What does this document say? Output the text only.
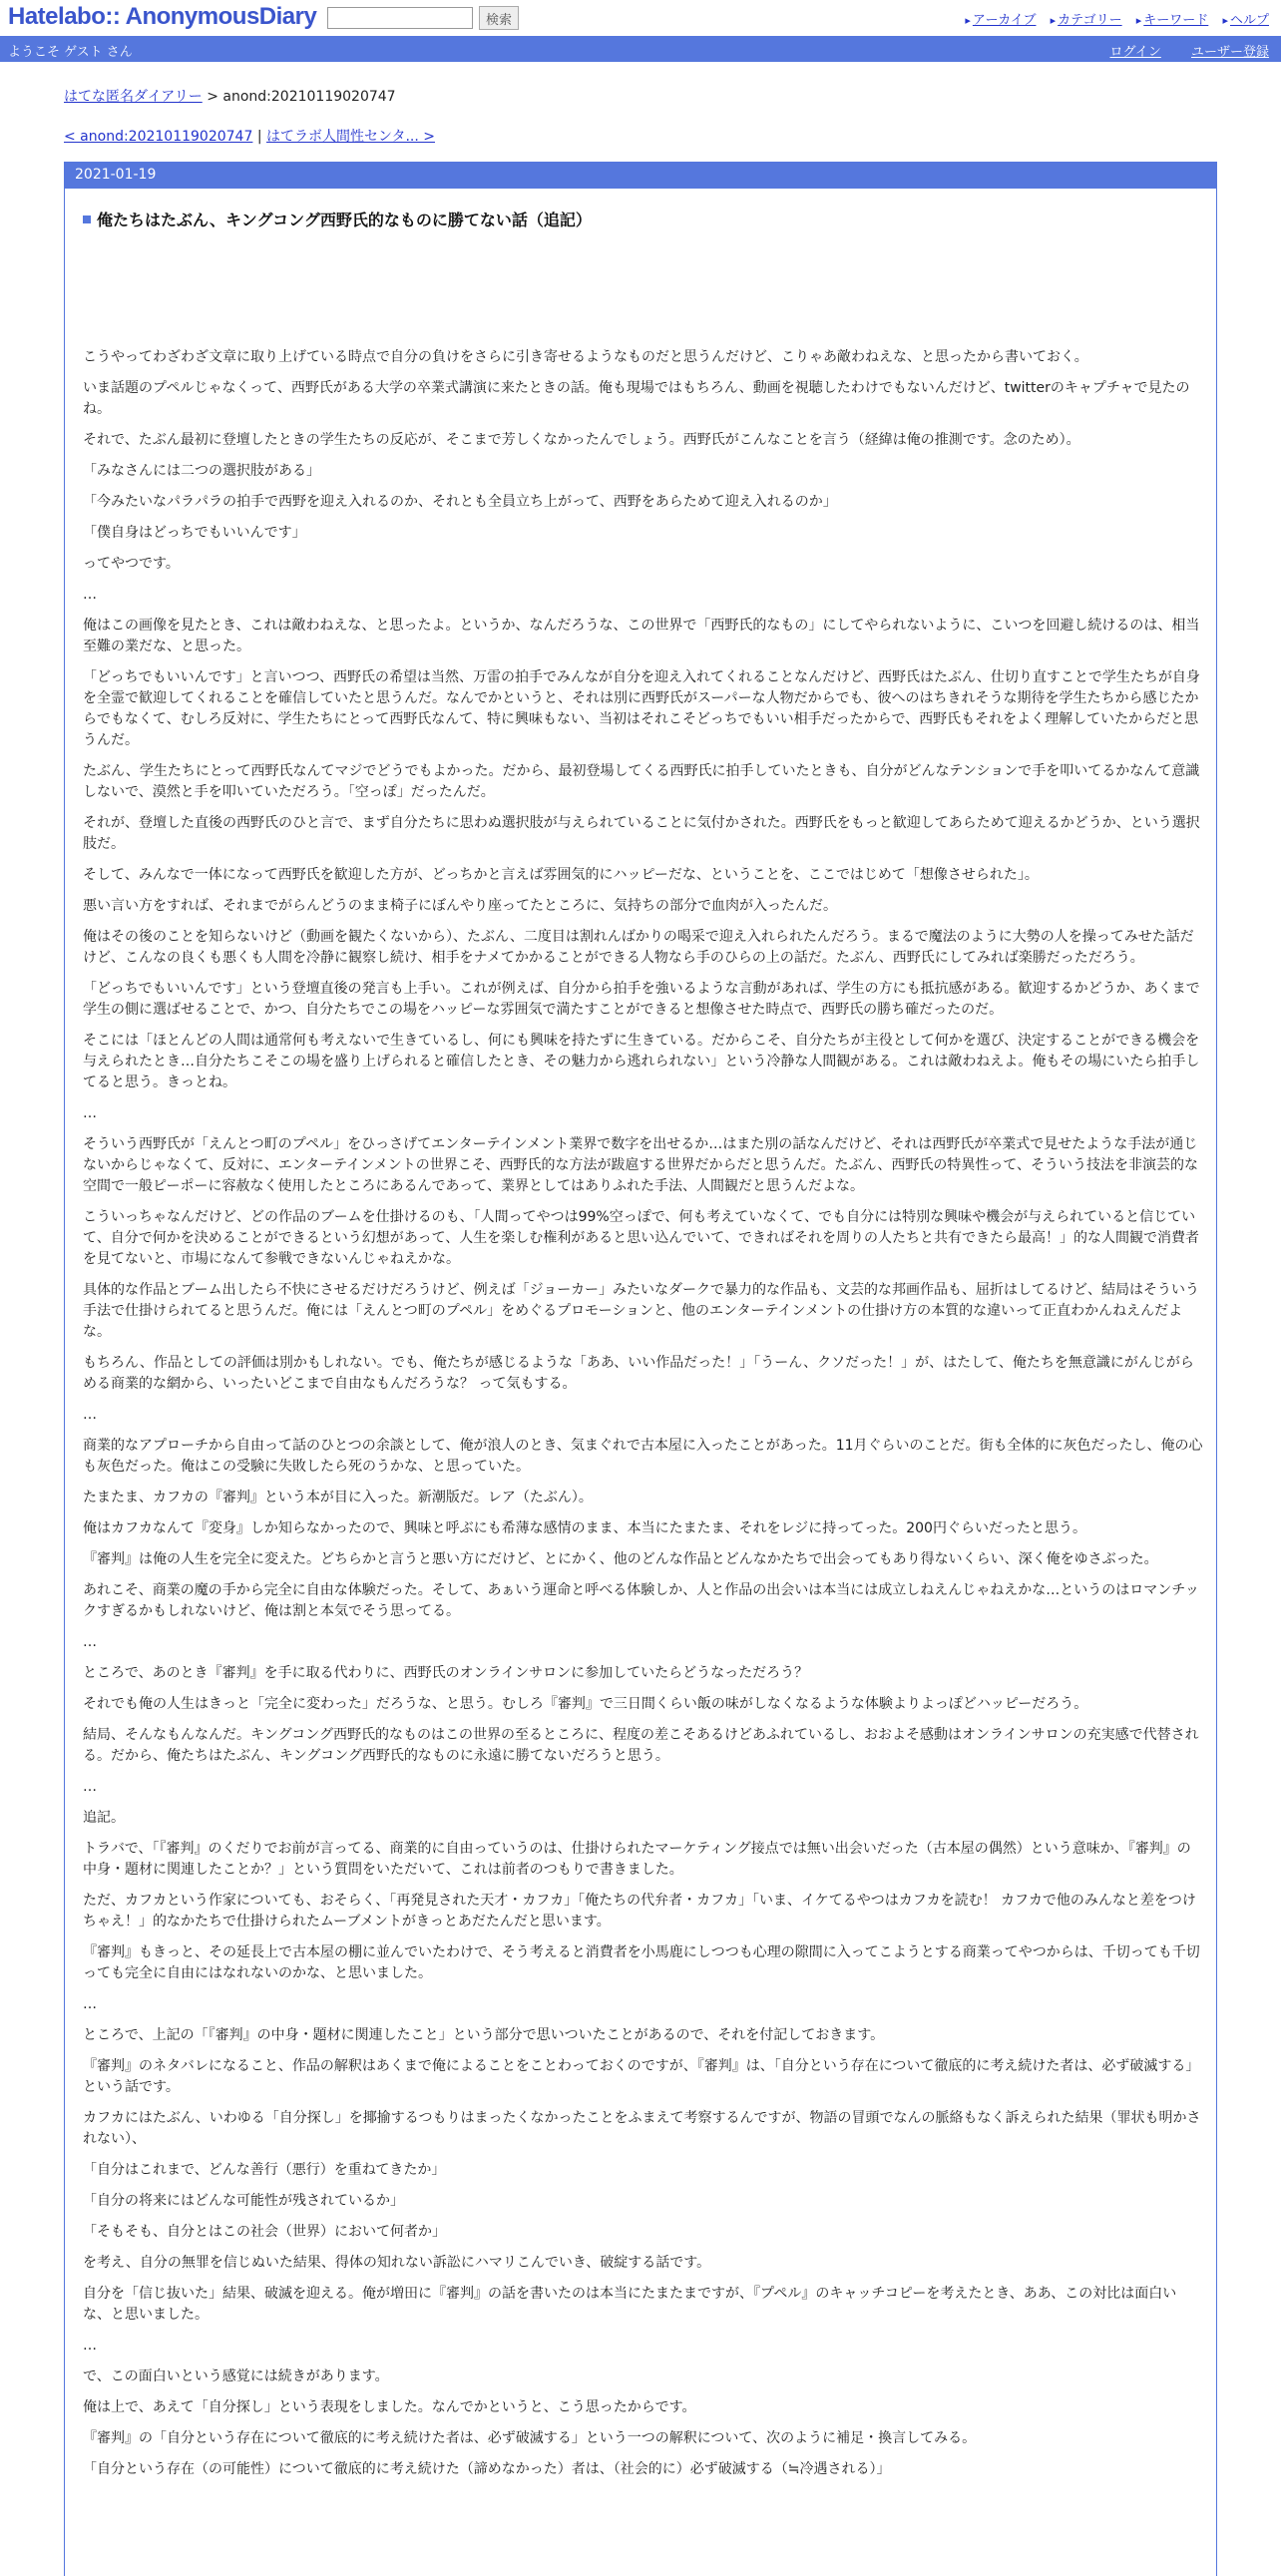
Hatelabo:: AnonymousDiary	検索	▸ アーカイブ ▸ カテゴリー ▸ キーワード ▸ ヘルプ
ようこそ ゲスト さん	ログイン ユーザー登録
はてな匿名ダイアリー > anond:20210119020747
< anond:20210119020747 | はてラボ人間性センタ... >
2021-01-19
俺たちはたぶん、キングコング西野氏的なものに勝てない話（追記）

こうやってわざわざ文章に取り上げている時点で自分の負けをさらに引き寄せるようなものだと思うんだけど、こりゃあ敵わねえな、と思ったから書いておく。

いま話題のプペルじゃなくって、西野氏がある大学の卒業式講演に来たときの話。俺も現場ではもちろん、動画を視聴したわけでもないんだけど、twitterのキャプチャで見たのね。

それで、たぶん最初に登壇したときの学生たちの反応が、そこまで芳しくなかったんでしょう。西野氏がこんなことを言う（経緯は俺の推測です。念のため）。

「みなさんには二つの選択肢がある」

「今みたいなパラパラの拍手で西野を迎え入れるのか、それとも全員立ち上がって、西野をあらためて迎え入れるのか」

「僕自身はどっちでもいいんです」

ってやつです。

…

俺はこの画像を見たとき、これは敵わねえな、と思ったよ。というか、なんだろうな、この世界で「西野氏的なもの」にしてやられないように、こいつを回避し続けるのは、相当至難の業だな、と思った。

「どっちでもいいんです」と言いつつ、西野氏の希望は当然、万雷の拍手でみんなが自分を迎え入れてくれることなんだけど、西野氏はたぶん、仕切り直すことで学生たちが自身を全霊で歓迎してくれることを確信していたと思うんだ。なんでかというと、それは別に西野氏がスーパーな人物だからでも、彼へのはちきれそうな期待を学生たちから感じたからでもなくて、むしろ反対に、学生たちにとって西野氏なんて、特に興味もない、当初はそれこそどっちでもいい相手だったからで、西野氏もそれをよく理解していたからだと思うんだ。

たぶん、学生たちにとって西野氏なんてマジでどうでもよかった。だから、最初登場してくる西野氏に拍手していたときも、自分がどんなテンションで手を叩いてるかなんて意識しないで、漠然と手を叩いていただろう。「空っぽ」だったんだ。

それが、登壇した直後の西野氏のひと言で、まず自分たちに思わぬ選択肢が与えられていることに気付かされた。西野氏をもっと歓迎してあらためて迎えるかどうか、という選択肢だ。

そして、みんなで一体になって西野氏を歓迎した方が、どっちかと言えば雰囲気的にハッピーだな、ということを、ここではじめて「想像させられた」。

悪い言い方をすれば、それまでがらんどうのまま椅子にぼんやり座ってたところに、気持ちの部分で血肉が入ったんだ。

俺はその後のことを知らないけど（動画を観たくないから）、たぶん、二度目は割れんばかりの喝采で迎え入れられたんだろう。まるで魔法のように大勢の人を操ってみせた話だけど、こんなの良くも悪くも人間を冷静に観察し続け、相手をナメてかかることができる人物なら手のひらの上の話だ。たぶん、西野氏にしてみれば楽勝だっただろう。

「どっちでもいいんです」という登壇直後の発言も上手い。これが例えば、自分から拍手を強いるような言動があれば、学生の方にも抵抗感がある。歓迎するかどうか、あくまで学生の側に選ばせることで、かつ、自分たちでこの場をハッピーな雰囲気で満たすことができると想像させた時点で、西野氏の勝ち確だったのだ。

そこには「ほとんどの人間は通常何も考えないで生きているし、何にも興味を持たずに生きている。だからこそ、自分たちが主役として何かを選び、決定することができる機会を与えられたとき…自分たちこそこの場を盛り上げられると確信したとき、その魅力から逃れられない」という冷静な人間観がある。これは敵わねえよ。俺もその場にいたら拍手してると思う。きっとね。

…

そういう西野氏が「えんとつ町のプペル」をひっさげてエンターテインメント業界で数字を出せるか…はまた別の話なんだけど、それは西野氏が卒業式で見せたような手法が通じないからじゃなくて、反対に、エンターテインメントの世界こそ、西野氏的な方法が跋扈する世界だからだと思うんだ。たぶん、西野氏の特異性って、そういう技法を非演芸的な空間で一般ピーポーに容赦なく使用したところにあるんであって、業界としてはありふれた手法、人間観だと思うんだよな。

こういっちゃなんだけど、どの作品のブームを仕掛けるのも、「人間ってやつは99%空っぽで、何も考えていなくて、でも自分には特別な興味や機会が与えられていると信じていて、自分で何かを決めることができるという幻想があって、人生を楽しむ権利があると思い込んでいて、できればそれを周りの人たちと共有できたら最高！」的な人間観で消費者を見てないと、市場になんて参戦できないんじゃねえかな。

具体的な作品とブーム出したら不快にさせるだけだろうけど、例えば「ジョーカー」みたいなダークで暴力的な作品も、文芸的な邦画作品も、屈折はしてるけど、結局はそういう手法で仕掛けられてると思うんだ。俺には「えんとつ町のプペル」をめぐるプロモーションと、他のエンターテインメントの仕掛け方の本質的な違いって正直わかんねえんだよな。

もちろん、作品としての評価は別かもしれない。でも、俺たちが感じるような「ああ、いい作品だった！」「うーん、クソだった！」が、はたして、俺たちを無意識にがんじがらめる商業的な網から、いったいどこまで自由なもんだろうな？ って気もする。

…

商業的なアプローチから自由って話のひとつの余談として、俺が浪人のとき、気まぐれで古本屋に入ったことがあった。11月ぐらいのことだ。街も全体的に灰色だったし、俺の心も灰色だった。俺はこの受験に失敗したら死のうかな、と思っていた。

たまたま、カフカの『審判』という本が目に入った。新潮版だ。レア（たぶん）。

俺はカフカなんて『変身』しか知らなかったので、興味と呼ぶにも希薄な感情のまま、本当にたまたま、それをレジに持ってった。200円ぐらいだったと思う。

『審判』は俺の人生を完全に変えた。どちらかと言うと悪い方にだけど、とにかく、他のどんな作品とどんなかたちで出会ってもあり得ないくらい、深く俺をゆさぶった。

あれこそ、商業の魔の手から完全に自由な体験だった。そして、あぁいう運命と呼べる体験しか、人と作品の出会いは本当には成立しねえんじゃねえかな…というのはロマンチックすぎるかもしれないけど、俺は割と本気でそう思ってる。

…

ところで、あのとき『審判』を手に取る代わりに、西野氏のオンラインサロンに参加していたらどうなっただろう？

それでも俺の人生はきっと「完全に変わった」だろうな、と思う。むしろ『審判』で三日間くらい飯の味がしなくなるような体験よりよっぽどハッピーだろう。

結局、そんなもんなんだ。キングコング西野氏的なものはこの世界の至るところに、程度の差こそあるけどあふれているし、おおよそ感動はオンラインサロンの充実感で代替される。だから、俺たちはたぶん、キングコング西野氏的なものに永遠に勝てないだろうと思う。

…

追記。

トラバで、「『審判』のくだりでお前が言ってる、商業的に自由っていうのは、仕掛けられたマーケティング接点では無い出会いだった（古本屋の偶然）という意味か、『審判』の中身・題材に関連したことか？」という質問をいただいて、これは前者のつもりで書きました。

ただ、カフカという作家についても、おそらく、「再発見された天才・カフカ」「俺たちの代弁者・カフカ」「いま、イケてるやつはカフカを読む！ カフカで他のみんなと差をつけちゃえ！」的なかたちで仕掛けられたムーブメントがきっとあだたんだと思います。

『審判』もきっと、その延長上で古本屋の棚に並んでいたわけで、そう考えると消費者を小馬鹿にしつつも心理の隙間に入ってこようとする商業ってやつからは、千切っても千切っても完全に自由にはなれないのかな、と思いました。

…

ところで、上記の「『審判』の中身・題材に関連したこと」という部分で思いついたことがあるので、それを付記しておきます。

『審判』のネタバレになること、作品の解釈はあくまで俺によることをことわっておくのですが、『審判』は、「自分という存在について徹底的に考え続けた者は、必ず破滅する」という話です。

カフカにはたぶん、いわゆる「自分探し」を揶揄するつもりはまったくなかったことをふまえて考察するんですが、物語の冒頭でなんの脈絡もなく訴えられた結果（罪状も明かされない）、

「自分はこれまで、どんな善行（悪行）を重ねてきたか」

「自分の将来にはどんな可能性が残されているか」

「そもそも、自分とはこの社会（世界）において何者か」

を考え、自分の無罪を信じぬいた結果、得体の知れない訴訟にハマリこんでいき、破綻する話です。

自分を「信じ抜いた」結果、破滅を迎える。俺が増田に『審判』の話を書いたのは本当にたまたまですが、『プペル』のキャッチコピーを考えたとき、ああ、この対比は面白いな、と思いました。

…

で、この面白いという感覚には続きがあります。

俺は上で、あえて「自分探し」という表現をしました。なんでかというと、こう思ったからです。

『審判』の「自分という存在について徹底的に考え続けた者は、必ず破滅する」という一つの解釈について、次のように補足・換言してみる。

「自分という存在（の可能性）について徹底的に考え続けた（諦めなかった）者は、（社会的に）必ず破滅する（≒冷遇される）」
